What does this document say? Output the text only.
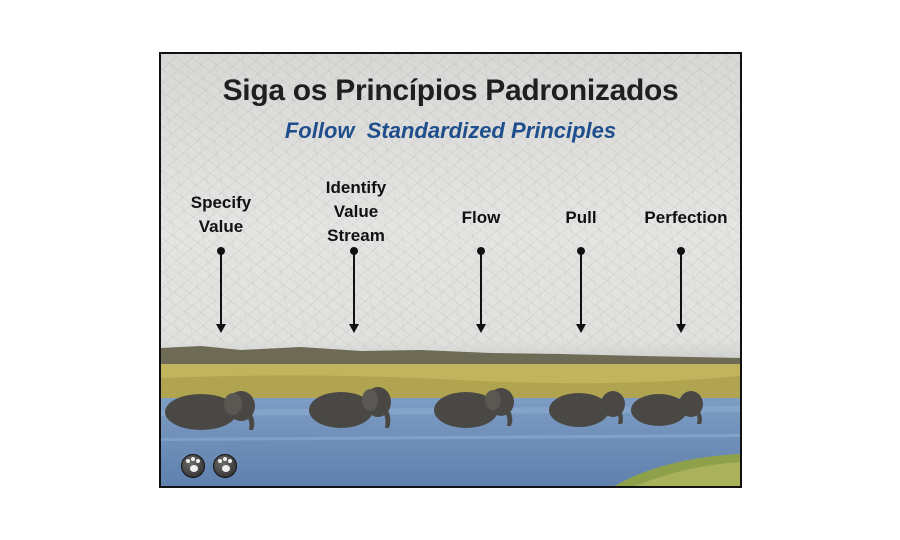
Siga os Princípios Padronizados
Follow  Standardized Principles
Specify
Value
Identify
Value
Stream
Flow	Pull	Perfection
